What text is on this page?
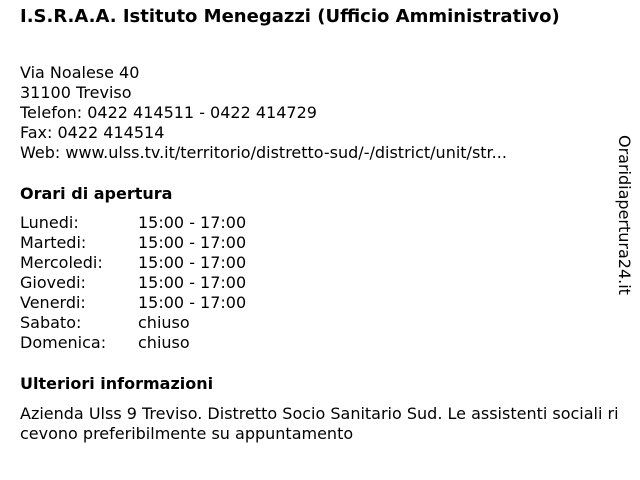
I.S.R.A.A. Istituto Menegazzi (Ufficio Amministrativo)
Via Noalese 40
31100 Treviso
Telefon: 0422 414511 - 0422 414729
Fax: 0422 414514
Web: www.ulss.tv.it/territorio/distretto-sud/-/district/unit/str...
Orari di apertura
Lunedi:	15:00 - 17:00
Martedi:	15:00 - 17:00
Mercoledi:	15:00 - 17:00
Giovedi:	15:00 - 17:00
Venerdi:	15:00 - 17:00
Sabato:	chiuso
Domenica:	chiuso
Ulteriori informazioni
Azienda Ulss 9 Treviso. Distretto Socio Sanitario Sud. Le assistenti sociali ricevono preferibilmente su appuntamento
Oraridiapertura24.it
